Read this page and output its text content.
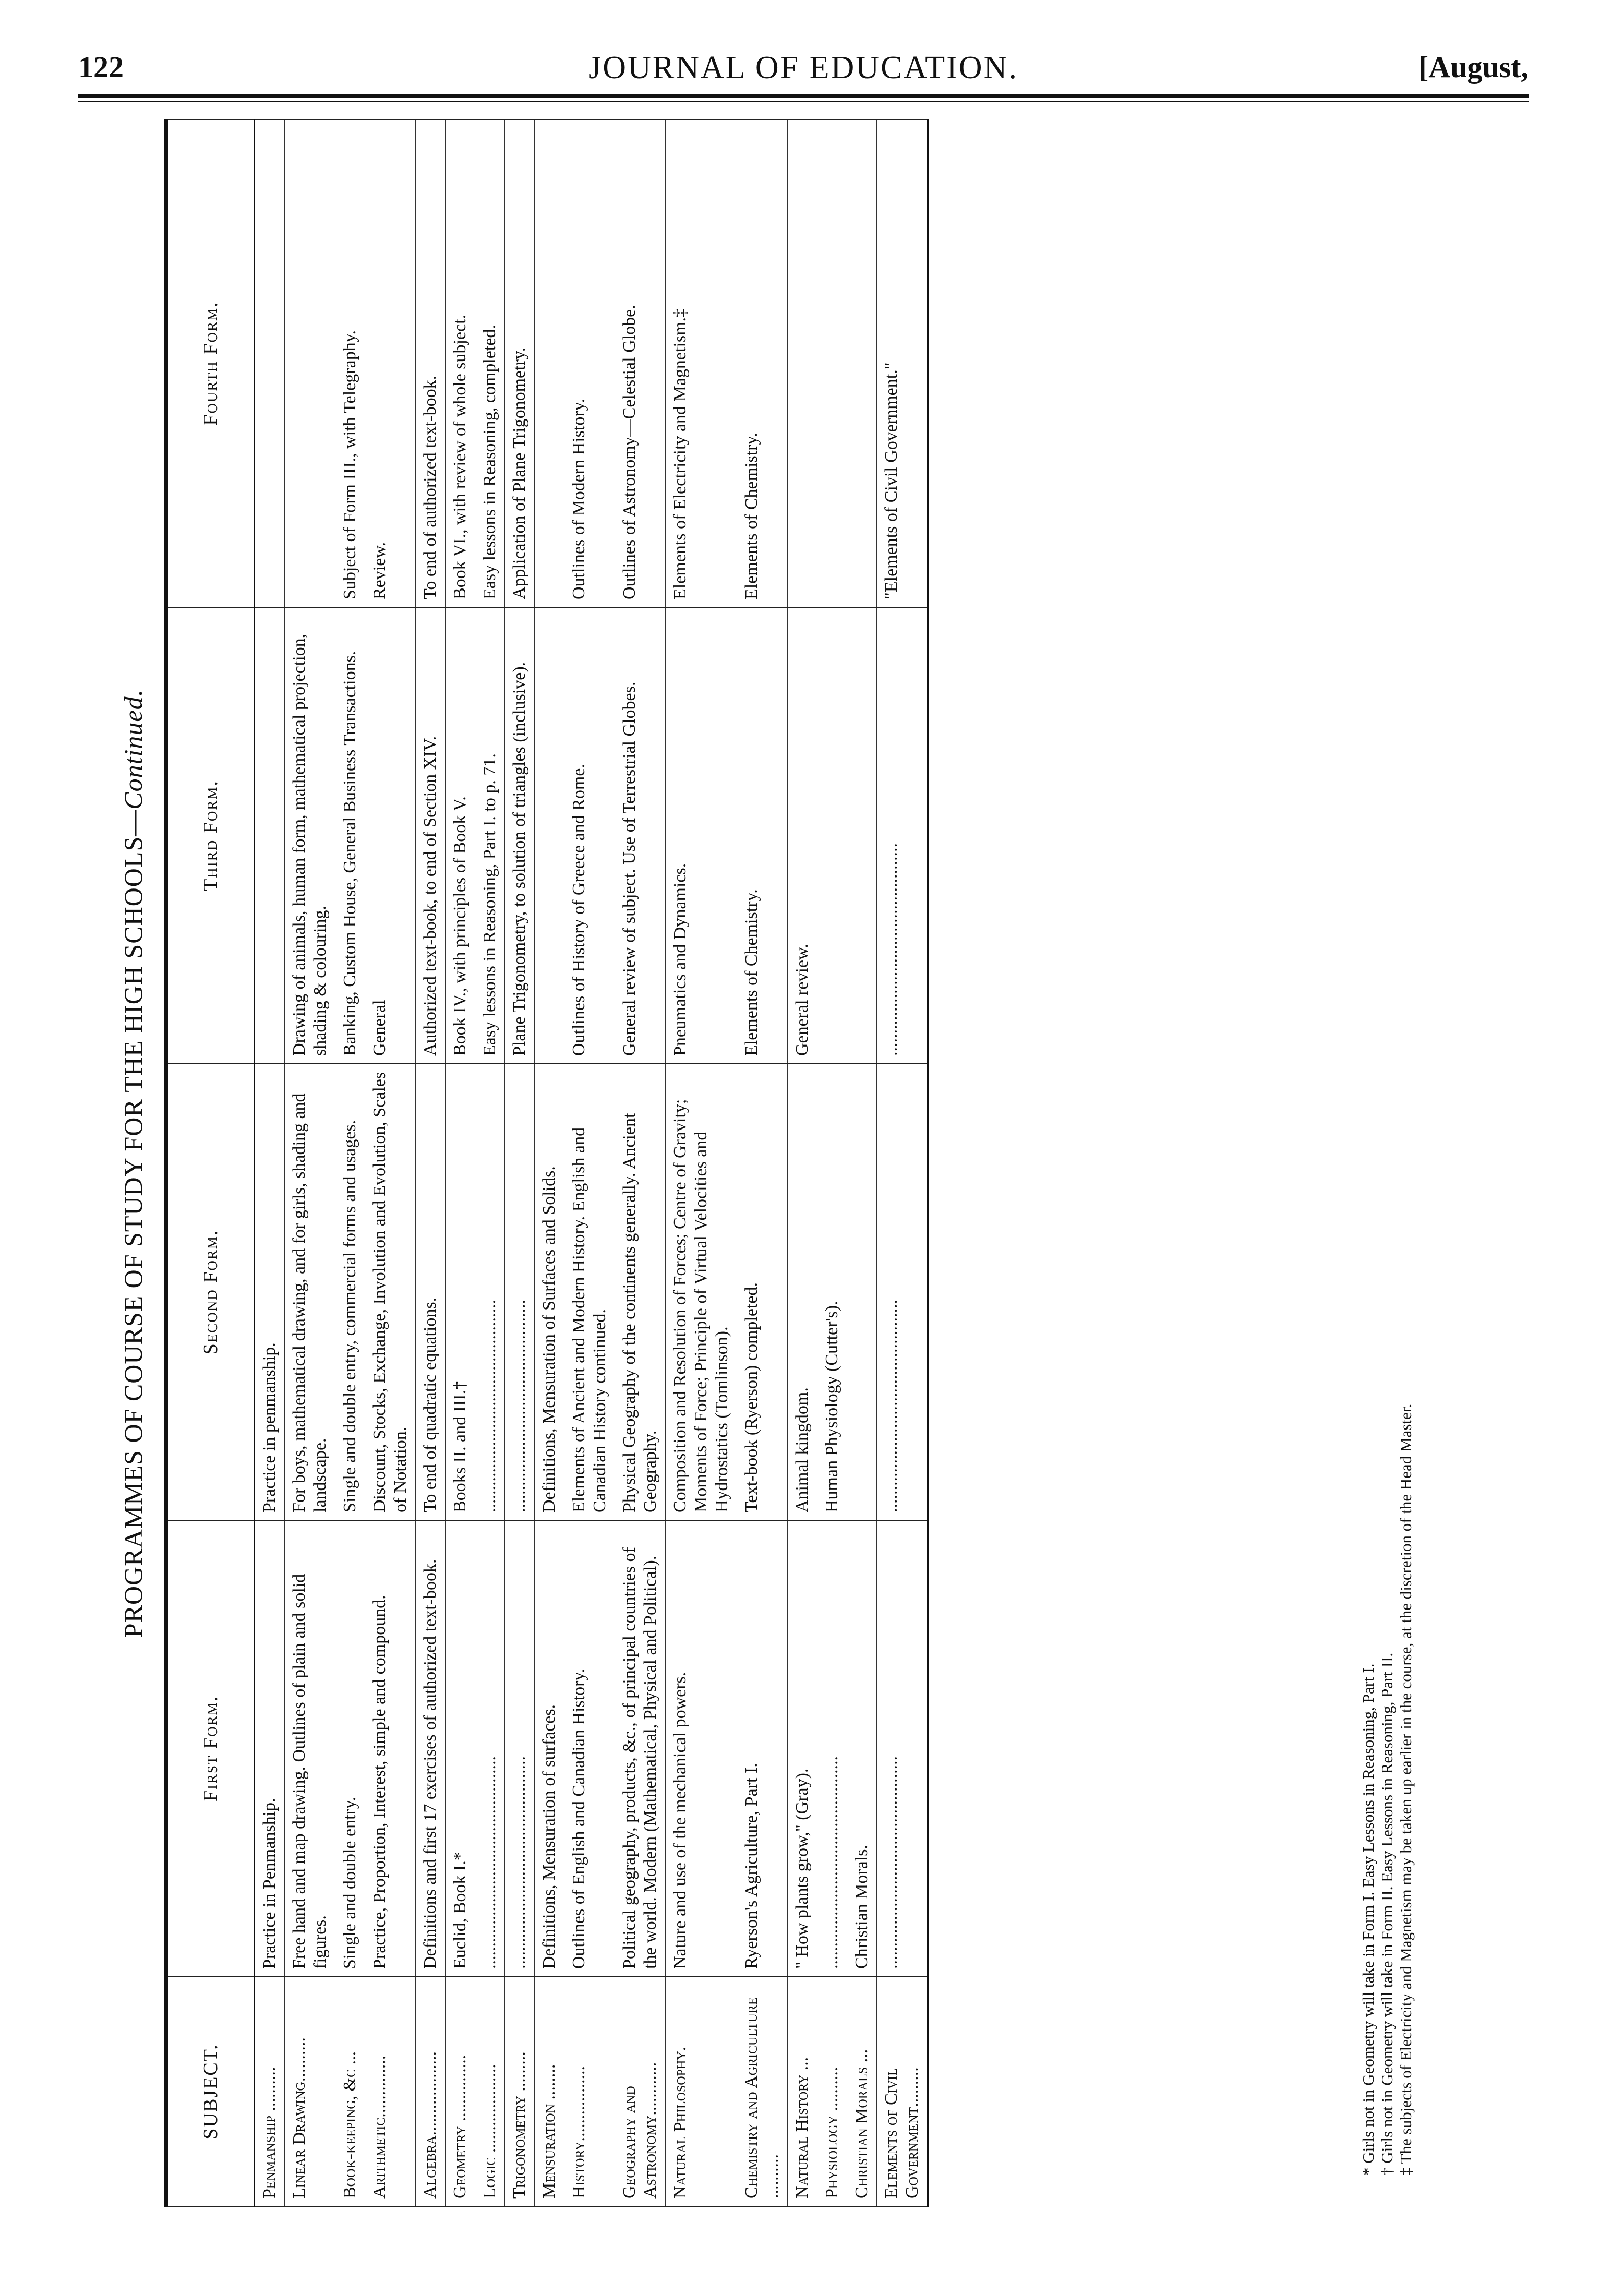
122	JOURNAL OF EDUCATION.	[August,
PROGRAMMES OF COURSE OF STUDY FOR THE HIGH SCHOOLS—Continued.
SUBJECT.	First Form.	Second Form.	Third Form.	Fourth Form.
Penmanship ..........	Practice in Penmanship.	Practice in penmanship.		
Linear Drawing..........	Free hand and map drawing. Outlines of plain and solid figures.	For boys, mathematical drawing, and for girls, shading and landscape.	Drawing of animals, human form, mathematical projection, shading & colouring.	
Book-keeping, &c ...	Single and double entry.	Single and double entry, commercial forms and usages.	Banking, Custom House, General Business Transactions.	Subject of Form III., with Telegraphy.
Arithmetic..............	Practice, Proportion, Interest, simple and compound.	Discount, Stocks, Exchange, Involution and Evolution, Scales of Notation.	General	Review.
Algebra...................	Definitions and first 17 exercises of authorized text-book.	To end of quadratic equations.	Authorized text-book, to end of Section XIV.	To end of authorized text-book.
Geometry ...............	Euclid, Book I.*	Books II. and III.†	Book IV., with principles of Book V.	Book VI., with review of whole subject.
Logic ....................	................................................	................................................	Easy lessons in Reasoning, Part I. to p. 71.	Easy lessons in Reasoning, completed.
Trigonometry .........	................................................	................................................	Plane Trigonometry, to solution of triangles (inclusive).	Application of Plane Trigonometry.
Mensuration ........	Definitions, Mensuration of surfaces.	Definitions, Mensuration of Surfaces and Solids.		
History.................	Outlines of English and Canadian History.	Elements of Ancient and Modern History. English and Canadian History continued.	Outlines of History of Greece and Rome.	Outlines of Modern History.
Geography and Astronomy............	Political geography, products, &c., of principal countries of the world. Modern (Mathematical, Physical and Political).	Physical Geography of the continents generally. Ancient Geography.	General review of subject. Use of Terrestrial Globes.	Outlines of Astronomy—Celestial Globe.
Natural Philosophy.	Nature and use of the mechanical powers.	Composition and Resolution of Forces; Centre of Gravity; Moments of Force; Principle of Virtual Velocities and Hydrostatics (Tomlinson).	Pneumatics and Dynamics.	Elements of Electricity and Magnetism.‡
Chemistry and Agriculture ..........	Ryerson's Agriculture, Part I.	Text-book (Ryerson) completed.	Elements of Chemistry.	Elements of Chemistry.
Natural History ...	" How plants grow," (Gray).	Animal kingdom.	General review.	
Physiology ..........	................................................	Human Physiology (Cutter's).		
Christian Morals ...	Christian Morals.			
Elements of Civil Government.........	................................................	................................................	................................................	"Elements of Civil Government."
* Girls not in Geometry will take in Form I. Easy Lessons in Reasoning, Part I. † Girls not in Geometry will take in Form II. Easy Lessons in Reasoning, Part II. ‡ The subjects of Electricity and Magnetism may be taken up earlier in the course, at the discretion of the Head Master.
